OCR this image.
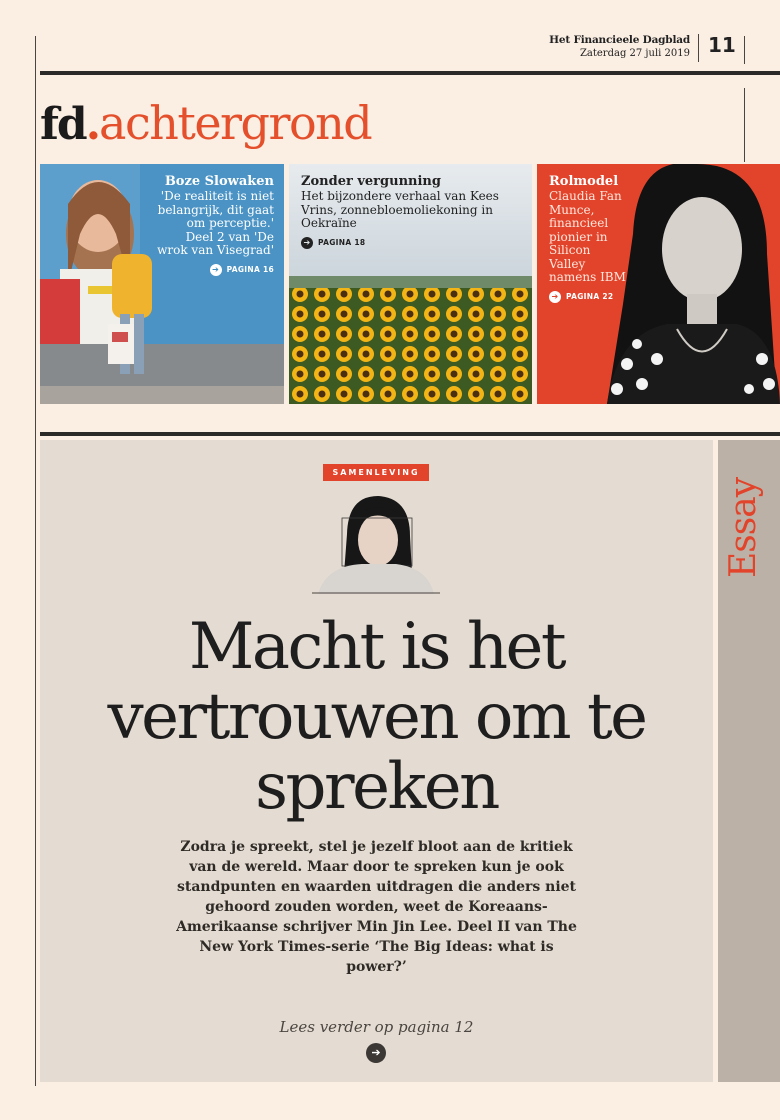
Het Financieele Dagblad
Zaterdag 27 juli 2019 11
fd.achtergrond
Boze Slowaken
'De realiteit is niet belangrijk, dit gaat om perceptie.' Deel 2 van 'De wrok van Visegrad'
➔	PAGINA 16
Zonder vergunning
Het bijzondere verhaal van Kees Vrins, zonnebloemoliekoning in Oekraïne
➔	PAGINA 18
Rolmodel
Claudia Fan Munce, financieel pionier in Silicon Valley namens IBM
➔	PAGINA 22
Essay
SAMENLEVING
Macht is het vertrouwen om te spreken
Zodra je spreekt, stel je jezelf bloot aan de kritiek van de wereld. Maar door te spreken kun je ook standpunten en waarden uitdragen die anders niet gehoord zouden worden, weet de Koreaans-Amerikaanse schrijver Min Jin Lee. Deel II van The New York Times-serie ‘The Big Ideas: what is power?’
Lees verder op pagina 12
➔
